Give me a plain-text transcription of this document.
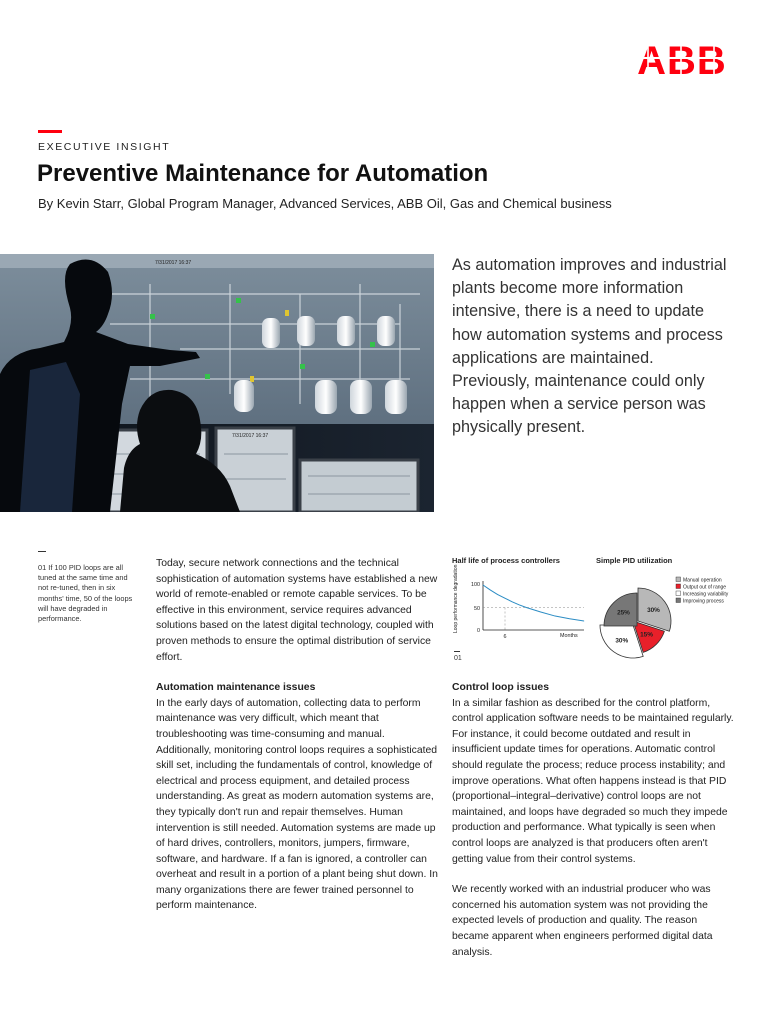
ABB
EXECUTIVE INSIGHT
Preventive Maintenance for Automation
By Kevin Starr, Global Program Manager, Advanced Services, ABB Oil, Gas and Chemical business
7/31/2017 16:37
7/31/2017 16:37

As automation improves and industrial plants become more information intensive, there is a need to update how automation systems and process applications are maintained. Previously, maintenance could only happen when a service person was physically present.

01 If 100 PID loops are all tuned at the same time and not re-tuned, then in six months' time, 50 of the loops will have degraded in performance.

Today, secure network connections and the technical sophistication of automation systems have established a new world of remote-enabled or remote capable services. To be effective in this environment, service requires advanced solutions based on the latest digital technology, coupled with proven methods to ensure the optimal distribution of service effort.

Automation maintenance issues

In the early days of automation, collecting data to perform maintenance was very difficult, which meant that troubleshooting was time-consuming and manual. Additionally, monitoring control loops requires a sophisticated skill set, including the fundamentals of control, knowledge of electrical and process equipment, and detailed process understanding. As great as modern automation systems are, they typically don't run and repair themselves. Human intervention is still needed. Automation systems are made up of hard drives, controllers, monitors, jumpers, firmware, software, and hardware. If a fan is ignored, a controller can overheat and result in a portion of a plant being shut down. In many organizations there are fewer trained personnel to perform maintenance.

Half life of process controllers
Loop performance degradation 100
50
0
6	Months
Simple PID utilization
30%
15%
30%
25%
Manual operation
Output out of range
Increasing variability
Improving process
01

Control loop issues

In a similar fashion as described for the control platform, control application software needs to be maintained regularly. For instance, it could become outdated and result in insufficient update times for operations. Automatic control should regulate the process; reduce process instability; and improve operations. What often happens instead is that PID (proportional–integral–derivative) control loops are not maintained, and loops have degraded so much they impede production and performance. What typically is seen when control loops are analyzed is that producers often aren't getting value from their control systems.

We recently worked with an industrial producer who was concerned his automation system was not providing the expected levels of production and quality. The reason became apparent when engineers performed digital data analysis.
